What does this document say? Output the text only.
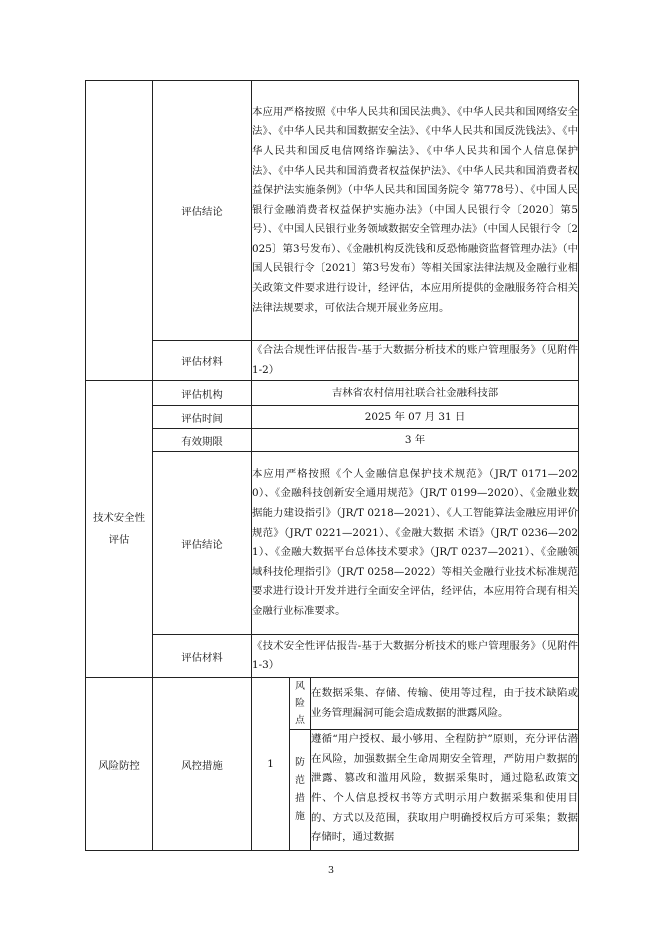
	评估结论	本应用严格按照《中华人民共和国民法典》、《中华人民共和国网络安全法》、《中华人民共和国数据安全法》、《中华人民共和国反洗钱法》、《中华人民共和国反电信网络诈骗法》、《中华人民共和国个人信息保护法》、《中华人民共和国消费者权益保护法》、《中华人民共和国消费者权益保护法实施条例》（中华人民共和国国务院令 第778号）、《中国人民银行金融消费者权益保护实施办法》（中国人民银行令〔2020〕第5号）、《中国人民银行业务领域数据安全管理办法》（中国人民银行令〔2025〕第3号发布）、《金融机构反洗钱和反恐怖融资监督管理办法》（中国人民银行令〔2021〕第3号发布）等相关国家法律法规及金融行业相关政策文件要求进行设计，经评估，本应用所提供的金融服务符合相关法律法规要求，可依法合规开展业务应用。		
	评估材料	《合法合规性评估报告-基于大数据分析技术的账户管理服务》（见附件 1-2）		
技术安全性评估	评估机构	吉林省农村信用社联合社金融科技部		
	评估时间	2025 年 07 月 31 日		
	有效期限	3 年		
	评估结论	本应用严格按照《个人金融信息保护技术规范》（JR/T 0171—2020）、《金融科技创新安全通用规范》（JR/T 0199—2020）、《金融业数据能力建设指引》（JR/T 0218—2021）、《人工智能算法金融应用评价规范》（JR/T 0221—2021）、《金融大数据 术语》（JR/T 0236—2021）、《金融大数据平台总体技术要求》（JR/T 0237—2021）、《金融领域科技伦理指引》（JR/T 0258—2022）等相关金融行业技术标准规范要求进行设计开发并进行全面安全评估，经评估，本应用符合现有相关金融行业标准要求。		
	评估材料	《技术安全性评估报告-基于大数据分析技术的账户管理服务》（见附件 1-3）		

风险防控	风控措施	1	风险点	在数据采集、存储、传输、使用等过程，由于技术缺陷或业务管理漏洞可能会造成数据的泄露风险。

			防范措施	遵循“用户授权、最小够用、全程防护”原则，充分评估潜在风险，加强数据全生命周期安全管理，严防用户数据的泄露、篡改和滥用风险，数据采集时，通过隐私政策文件、个人信息授权书等方式明示用户数据采集和使用目的、方式以及范围，获取用户明确授权后方可采集；数据存储时，通过数据
3
